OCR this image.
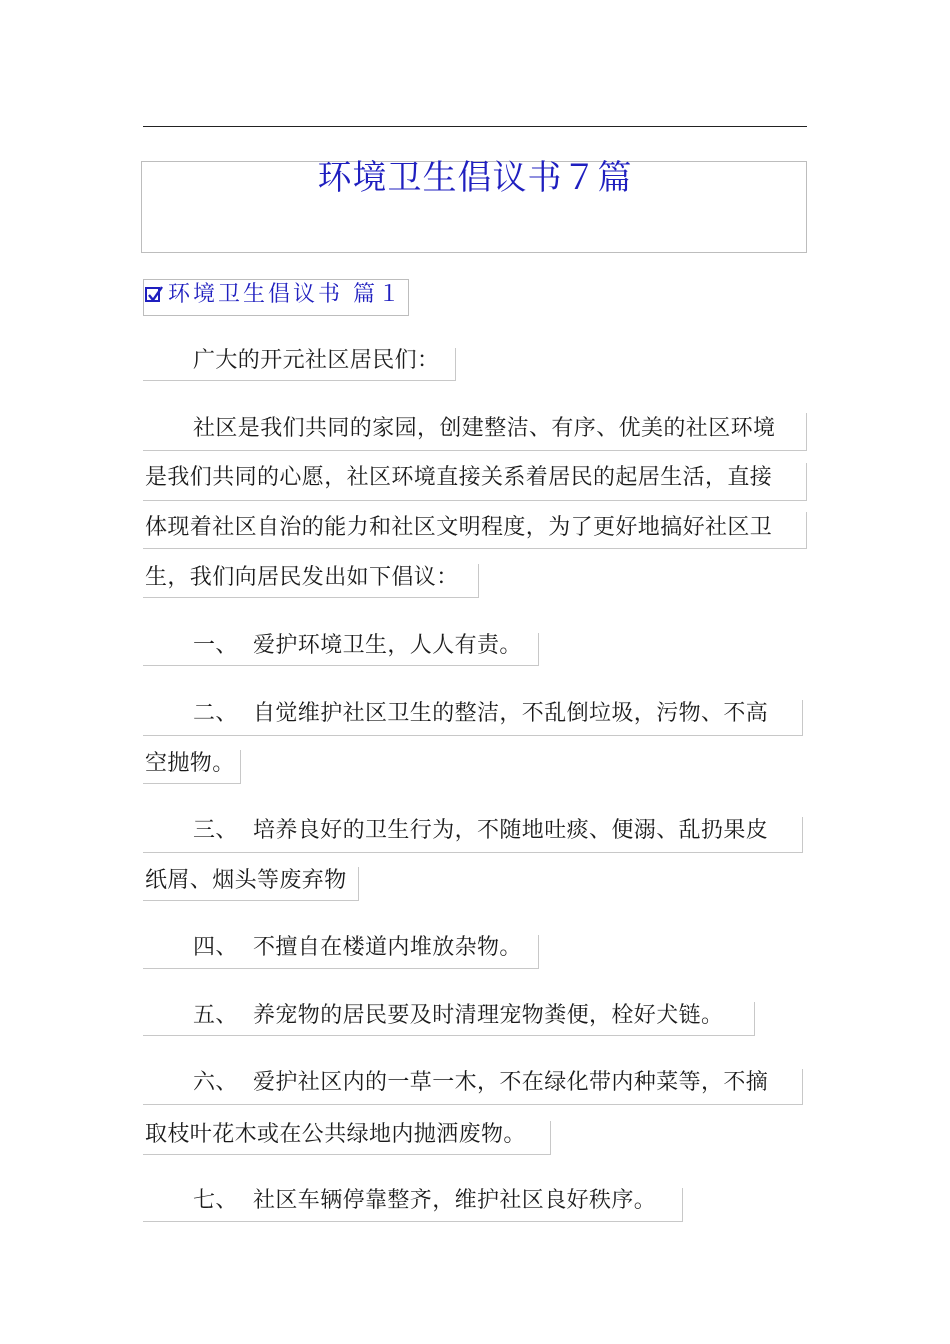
环境卫生倡议书７篇
环境卫生倡议书 篇１
广大的开元社区居民们：
社区是我们共同的家园，创建整洁、有序、优美的社区环境
是我们共同的心愿，社区环境直接关系着居民的起居生活，直接
体现着社区自治的能力和社区文明程度，为了更好地搞好社区卫
生，我们向居民发出如下倡议：
一、 爱护环境卫生，人人有责。
二、 自觉维护社区卫生的整洁，不乱倒垃圾，污物、不高
空抛物。
三、 培养良好的卫生行为，不随地吐痰、便溺、乱扔果皮
纸屑、烟头等废弃物
四、 不擅自在楼道内堆放杂物。
五、 养宠物的居民要及时清理宠物粪便，栓好犬链。
六、 爱护社区内的一草一木，不在绿化带内种菜等，不摘
取枝叶花木或在公共绿地内抛洒废物。
七、 社区车辆停靠整齐，维护社区良好秩序。
